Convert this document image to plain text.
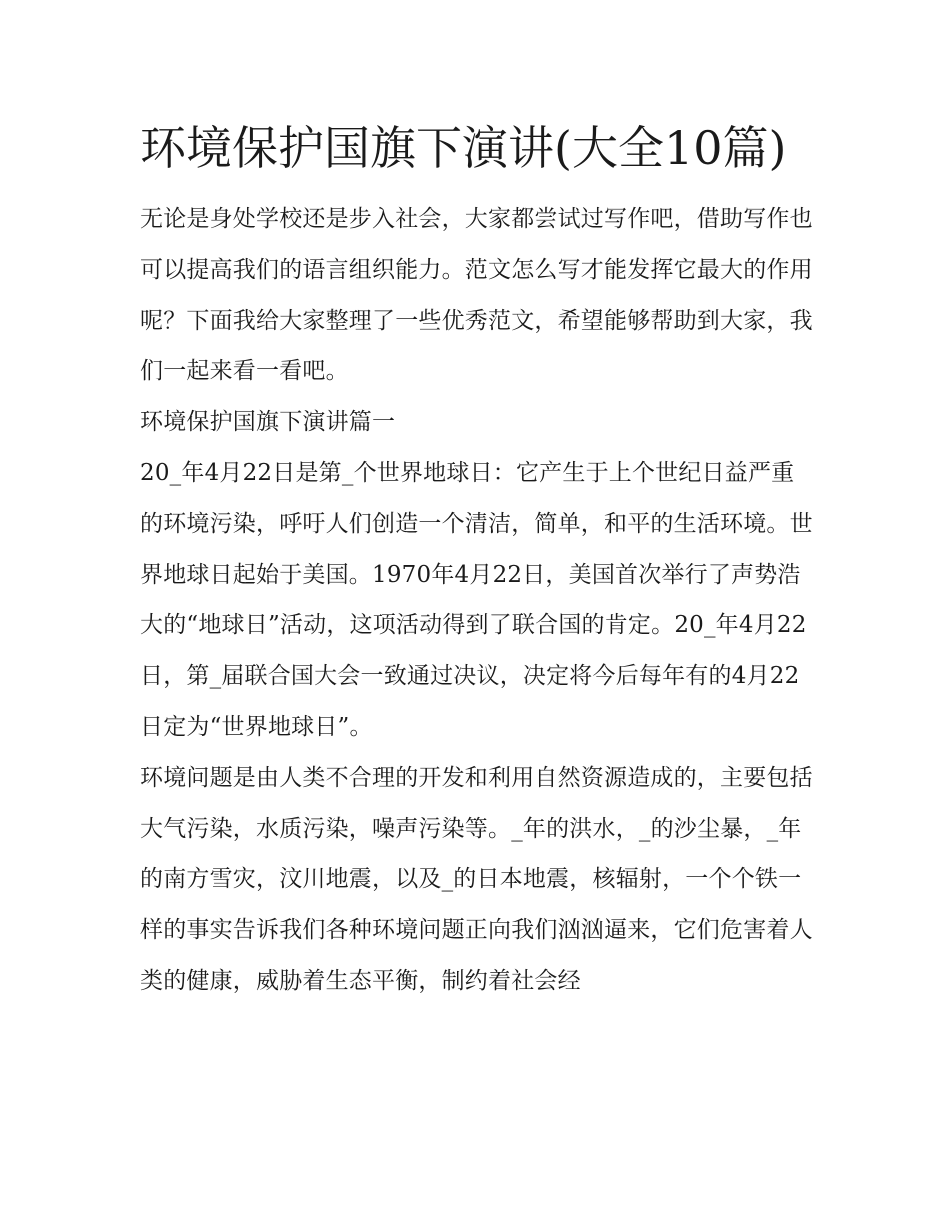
环境保护国旗下演讲(大全10篇)

无论是身处学校还是步入社会，大家都尝试过写作吧，借助写作也可以提高我们的语言组织能力。范文怎么写才能发挥它最大的作用呢？下面我给大家整理了一些优秀范文，希望能够帮助到大家，我们一起来看一看吧。

环境保护国旗下演讲篇一

20_年4月22日是第_个世界地球日：它产生于上个世纪日益严重的环境污染，呼吁人们创造一个清洁，简单，和平的生活环境。世界地球日起始于美国。1970年4月22日，美国首次举行了声势浩大的“地球日”活动，这项活动得到了联合国的肯定。20_年4月22日，第_届联合国大会一致通过决议，决定将今后每年有的4月22日定为“世界地球日”。

环境问题是由人类不合理的开发和利用自然资源造成的，主要包括大气污染，水质污染，噪声污染等。_年的洪水，_的沙尘暴，_年的南方雪灾，汶川地震，以及_的日本地震，核辐射，一个个铁一样的事实告诉我们各种环境问题正向我们汹汹逼来，它们危害着人类的健康，威胁着生态平衡，制约着社会经
